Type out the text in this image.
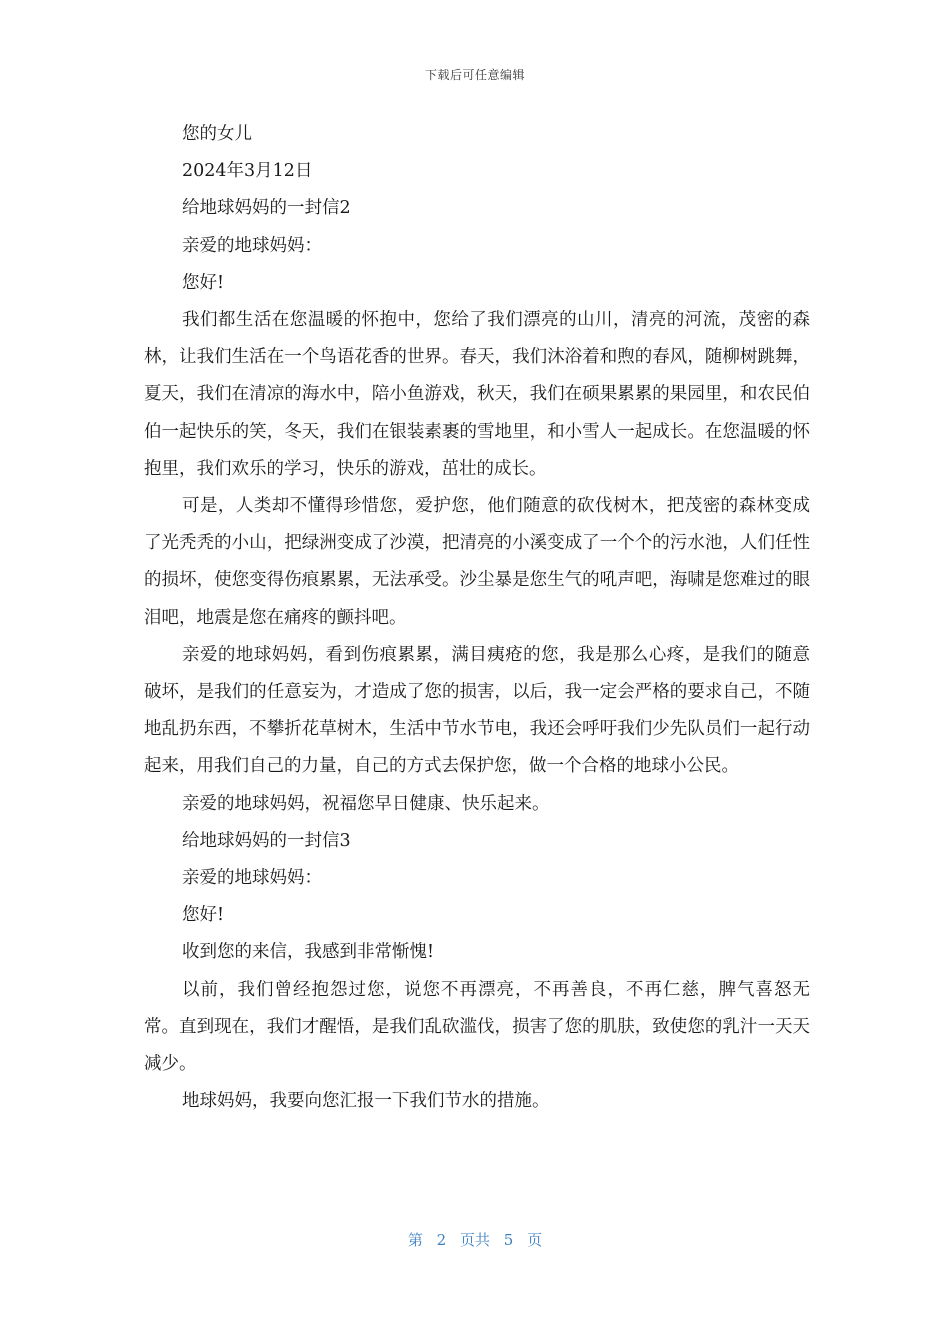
下载后可任意编辑

您的女儿

2024年3月12日

给地球妈妈的一封信2

亲爱的地球妈妈：

您好!

我们都生活在您温暖的怀抱中，您给了我们漂亮的山川，清亮的河流，茂密的森林，让我们生活在一个鸟语花香的世界。春天，我们沐浴着和煦的春风，随柳树跳舞，夏天，我们在清凉的海水中，陪小鱼游戏，秋天，我们在硕果累累的果园里，和农民伯伯一起快乐的笑，冬天，我们在银装素裹的雪地里，和小雪人一起成长。在您温暖的怀抱里，我们欢乐的学习，快乐的游戏，茁壮的成长。

可是，人类却不懂得珍惜您，爱护您，他们随意的砍伐树木，把茂密的森林变成了光秃秃的小山，把绿洲变成了沙漠，把清亮的小溪变成了一个个的污水池，人们任性的损坏，使您变得伤痕累累，无法承受。沙尘暴是您生气的吼声吧，海啸是您难过的眼泪吧，地震是您在痛疼的颤抖吧。

亲爱的地球妈妈，看到伤痕累累，满目痍疮的您，我是那么心疼，是我们的随意破坏，是我们的任意妄为，才造成了您的损害，以后，我一定会严格的要求自己，不随地乱扔东西，不攀折花草树木，生活中节水节电，我还会呼吁我们少先队员们一起行动起来，用我们自己的力量，自己的方式去保护您，做一个合格的地球小公民。

亲爱的地球妈妈，祝福您早日健康、快乐起来。

给地球妈妈的一封信3

亲爱的地球妈妈：

您好!

收到您的来信，我感到非常惭愧!

以前，我们曾经抱怨过您，说您不再漂亮，不再善良，不再仁慈，脾气喜怒无常。直到现在，我们才醒悟，是我们乱砍滥伐，损害了您的肌肤，致使您的乳汁一天天减少。

地球妈妈，我要向您汇报一下我们节水的措施。

第 2 页共 5 页
